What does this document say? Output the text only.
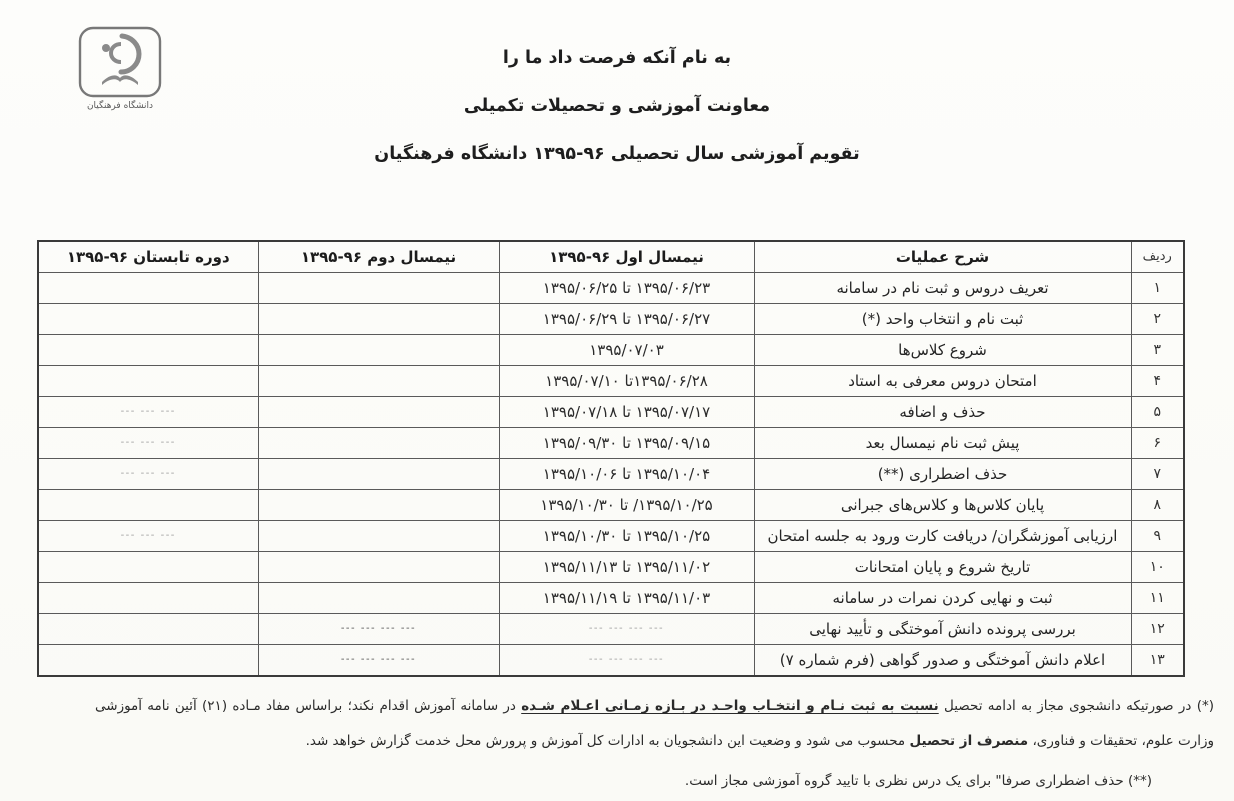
دانشگاه فرهنگیان

به نام آنکه فرصت داد ما را

معاونت آموزشی و تحصیلات تکمیلی

تقویم آموزشی سال تحصیلی ۹۶-۱۳۹۵ دانشگاه فرهنگیان

ردیف	شرح عملیات	نیمسال اول ۹۶-۱۳۹۵	نیمسال دوم ۹۶-۱۳۹۵	دوره تابستان ۹۶-۱۳۹۵
۱	تعریف دروس و ثبت نام در سامانه	۱۳۹۵/۰۶/۲۳ تا ۱۳۹۵/۰۶/۲۵		
۲	ثبت نام و انتخاب واحد (*)	۱۳۹۵/۰۶/۲۷ تا ۱۳۹۵/۰۶/۲۹		
۳	شروع کلاس‌ها	۱۳۹۵/۰۷/۰۳		
۴	امتحان دروس معرفی به استاد	۱۳۹۵/۰۶/۲۸تا ۱۳۹۵/۰۷/۱۰		
۵	حذف و اضافه	۱۳۹۵/۰۷/۱۷ تا ۱۳۹۵/۰۷/۱۸		--- --- ---
۶	پیش ثبت نام نیمسال بعد	۱۳۹۵/۰۹/۱۵ تا ۱۳۹۵/۰۹/۳۰		--- --- ---
۷	حذف اضطراری (**)	۱۳۹۵/۱۰/۰۴ تا ۱۳۹۵/۱۰/۰۶		--- --- ---
۸	پایان کلاس‌ها و کلاس‌های جبرانی	۱۳۹۵/۱۰/۲۵/ تا ۱۳۹۵/۱۰/۳۰		
۹	ارزیابی آموزشگران/ دریافت کارت ورود به جلسه امتحان	۱۳۹۵/۱۰/۲۵ تا ۱۳۹۵/۱۰/۳۰		--- --- ---
۱۰	تاریخ شروع و پایان امتحانات	۱۳۹۵/۱۱/۰۲ تا ۱۳۹۵/۱۱/۱۳		
۱۱	ثبت و نهایی کردن نمرات در سامانه	۱۳۹۵/۱۱/۰۳ تا ۱۳۹۵/۱۱/۱۹		
۱۲	بررسی پرونده دانش آموختگی و تأیید نهایی	--- --- --- ---	--- --- --- ---	
۱۳	اعلام دانش آموختگی و صدور گواهی (فرم شماره ۷)	--- --- --- ---	--- --- --- ---	

(*) در صورتیکه دانشجوی مجاز به ادامه تحصیل نسبت به ثبت نـام و انتخـاب واحـد در بـازه زمـانی اعـلام شـده در سامانه آموزش اقدام نکند؛ براساس مفاد مـاده (۲۱) آئین نامه آموزشی وزارت علوم، تحقیقات و فناوری، منصرف از تحصیل محسوب می شود و وضعیت این دانشجویان به ادارات کل آموزش و پرورش محل خدمت گزارش خواهد شد.

(**) حذف اضطراری صرفا" برای یک درس نظری با تایید گروه آموزشی مجاز است.
